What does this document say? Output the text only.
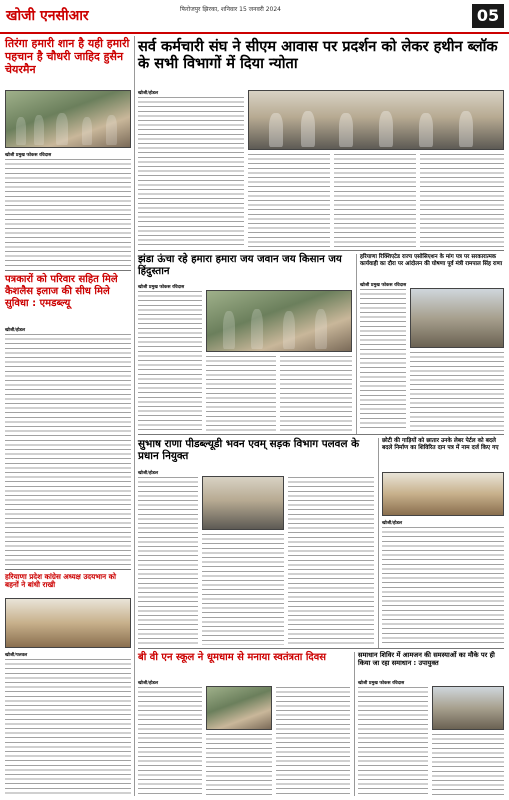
खोजी एनसीआर	फिरोजपुर झिरका, शनिवार 15 जनवरी 2024	05
तिरंगा हमारी शान है यही हमारी पहचान है चौधरी जाहिद हुसैन चेयरमैन
खोजी प्रमुख फोकस रविदास
पत्रकारों को परिवार सहित मिले कैशलैस इलाज की सीध मिले सुविधा : एमडब्ल्यू
खोजी/होडल
हरियाणा प्रदेश कांग्रेस अध्यक्ष उदयभान को बहनों ने बांधी राखी
खोजी/पलवल
सर्व कर्मचारी संघ ने सीएम आवास पर प्रदर्शन को लेकर हथीन ब्लॉक के सभी विभागों में दिया न्योता
खोजी/होडल
झंडा ऊंचा रहे हमारा हमारा जय जवान जय किसान जय हिंदुस्तान
खोजी प्रमुख फोकस रविदास
हरियाणा रिक्शिएटेड राज्य एसोसिएशन के मांग पत्र पर सरकारात्मक कार्यवाही का दौरा पर आंदोलन की घोषणा पूर्व मंत्री रामपाल सिंह राणा
खोजी प्रमुख फोकस रविदास
सुभाष राणा पीडब्ल्यूडी भवन एवम् सड़क विभाग पलवल के प्रधान नियुक्त
खोजी/होडल
छोटी की गाड़ियों को छातार उनके लेबर पेर्टल को बदले बदले निर्माण का शिविरित दान पत्र में नाम दर्ज किए गए
खोजी/होडल
बी वी एन स्कूल ने धूमधाम से मनाया स्वतंत्रता दिवस
खोजी/होडल
समाधान शिविर में आमजन की समस्याओं का मौके पर ही किया जा रहा समाधान : उपायुक्त
खोजी प्रमुख फोकस रविदास
